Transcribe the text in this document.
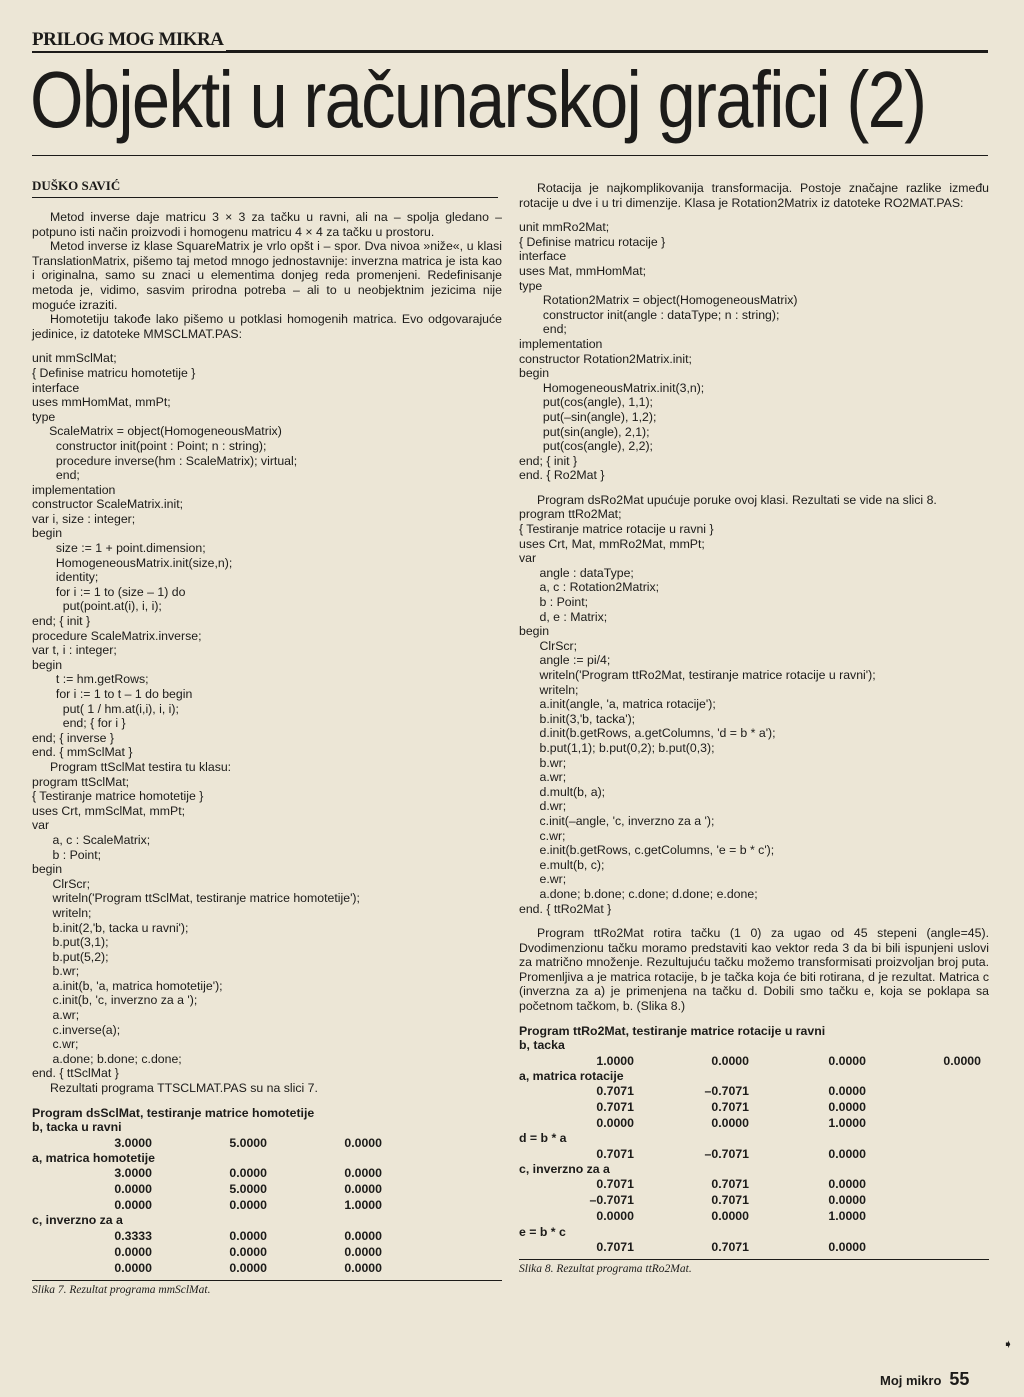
PRILOG MOG MIKRA
Objekti u računarskoj grafici (2)
DUŠKO SAVIĆ

Metod inverse daje matricu 3 × 3 za tačku u ravni, ali na – spolja gledano – potpuno isti način proizvodi i homogenu matricu 4 × 4 za tačku u prostoru.

Metod inverse iz klase SquareMatrix je vrlo opšt i – spor. Dva nivoa »niže«, u klasi TranslationMatrix, pišemo taj metod mnogo jednostavnije: inverzna matrica je ista kao i originalna, samo su znaci u elementima donjeg reda promenjeni. Redefinisanje metoda je, vidimo, sasvim prirodna potreba – ali to u neobjektnim jezicima nije moguće izraziti.

Homotetiju takođe lako pišemo u potklasi homogenih matrica. Evo odgovarajuće jedinice, iz datoteke MMSCLMAT.PAS:

unit mmSclMat;
{ Definise matricu homotetije }
interface
uses mmHomMat, mmPt;
type
ScaleMatrix = object(HomogeneousMatrix)
constructor init(point : Point; n : string);
procedure inverse(hm : ScaleMatrix); virtual;
end;
implementation
constructor ScaleMatrix.init;
var i, size : integer;
begin
size := 1 + point.dimension;
HomogeneousMatrix.init(size,n);
identity;
for i := 1 to (size – 1) do
put(point.at(i), i, i);
end; { init }
procedure ScaleMatrix.inverse;
var t, i : integer;
begin
t := hm.getRows;
for i := 1 to t – 1 do begin
put( 1 / hm.at(i,i), i, i);
end; { for i }
end; { inverse }
end. { mmSclMat }

Program ttSclMat testira tu klasu:

program ttSclMat;
{ Testiranje matrice homotetije }
uses Crt, mmSclMat, mmPt;
var
a, c : ScaleMatrix;
b : Point;
begin
ClrScr;
writeln('Program ttSclMat, testiranje matrice homotetije');
writeln;
b.init(2,'b, tacka u ravni');
b.put(3,1);
b.put(5,2);
b.wr;
a.init(b, 'a, matrica homotetije');
c.init(b, 'c, inverzno za a ');
a.wr;
c.inverse(a);
c.wr;
a.done; b.done; c.done;
end. { ttSclMat }

Rezultati programa TTSCLMAT.PAS su na slici 7.

Program dsSclMat, testiranje matrice homotetije

b, tacka u ravni

3.0000	5.0000	0.0000

a, matrica homotetije

3.0000	0.0000	0.0000
0.0000	5.0000	0.0000
0.0000	0.0000	1.0000

c, inverzno za a

0.3333	0.0000	0.0000
0.0000	0.0000	0.0000
0.0000	0.0000	0.0000
Slika 7. Rezultat programa mmSclMat.

Rotacija je najkomplikovanija transformacija. Postoje značajne razlike između rotacije u dve i u tri dimenzije. Klasa je Rotation2Matrix iz datoteke RO2MAT.PAS:

unit mmRo2Mat;
{ Definise matricu rotacije }
interface
uses Mat, mmHomMat;
type
Rotation2Matrix = object(HomogeneousMatrix)
constructor init(angle : dataType; n : string);
end;
implementation
constructor Rotation2Matrix.init;
begin
HomogeneousMatrix.init(3,n);
put(cos(angle), 1,1);
put(–sin(angle), 1,2);
put(sin(angle), 2,1);
put(cos(angle), 2,2);
end; { init }
end. { Ro2Mat }

Program dsRo2Mat upućuje poruke ovoj klasi. Rezultati se vide na slici 8.

program ttRo2Mat;
{ Testiranje matrice rotacije u ravni }
uses Crt, Mat, mmRo2Mat, mmPt;
var
angle : dataType;
a, c : Rotation2Matrix;
b : Point;
d, e : Matrix;
begin
ClrScr;
angle := pi/4;
writeln('Program ttRo2Mat, testiranje matrice rotacije u ravni');
writeln;
a.init(angle, 'a, matrica rotacije');
b.init(3,'b, tacka');
d.init(b.getRows, a.getColumns, 'd = b * a');
b.put(1,1); b.put(0,2); b.put(0,3);
b.wr;
a.wr;
d.mult(b, a);
d.wr;
c.init(–angle, 'c, inverzno za a ');
c.wr;
e.init(b.getRows, c.getColumns, 'e = b * c');
e.mult(b, c);
e.wr;
a.done; b.done; c.done; d.done; e.done;
end. { ttRo2Mat }

Program ttRo2Mat rotira tačku (1 0) za ugao od 45 stepeni (angle=45). Dvodimenzionu tačku moramo predstaviti kao vektor reda 3 da bi bili ispunjeni uslovi za matrično množenje. Rezultujuću tačku možemo transformisati proizvoljan broj puta. Promenljiva a je matrica rotacije, b je tačka koja će biti rotirana, d je rezultat. Matrica c (inverzna za a) je primenjena na tačku d. Dobili smo tačku e, koja se poklapa sa početnom tačkom, b. (Slika 8.)

Program ttRo2Mat, testiranje matrice rotacije u ravni

b, tacka

1.0000	0.0000	0.0000	0.0000

a, matrica rotacije

0.7071	–0.7071	0.0000
0.7071	0.7071	0.0000
0.0000	0.0000	1.0000

d = b * a

0.7071	–0.7071	0.0000

c, inverzno za a

0.7071	0.7071	0.0000
–0.7071	0.7071	0.0000
0.0000	0.0000	1.0000

e = b * c

0.7071	0.7071	0.0000
Slika 8. Rezultat programa ttRo2Mat.
➧
Moj mikro 55
